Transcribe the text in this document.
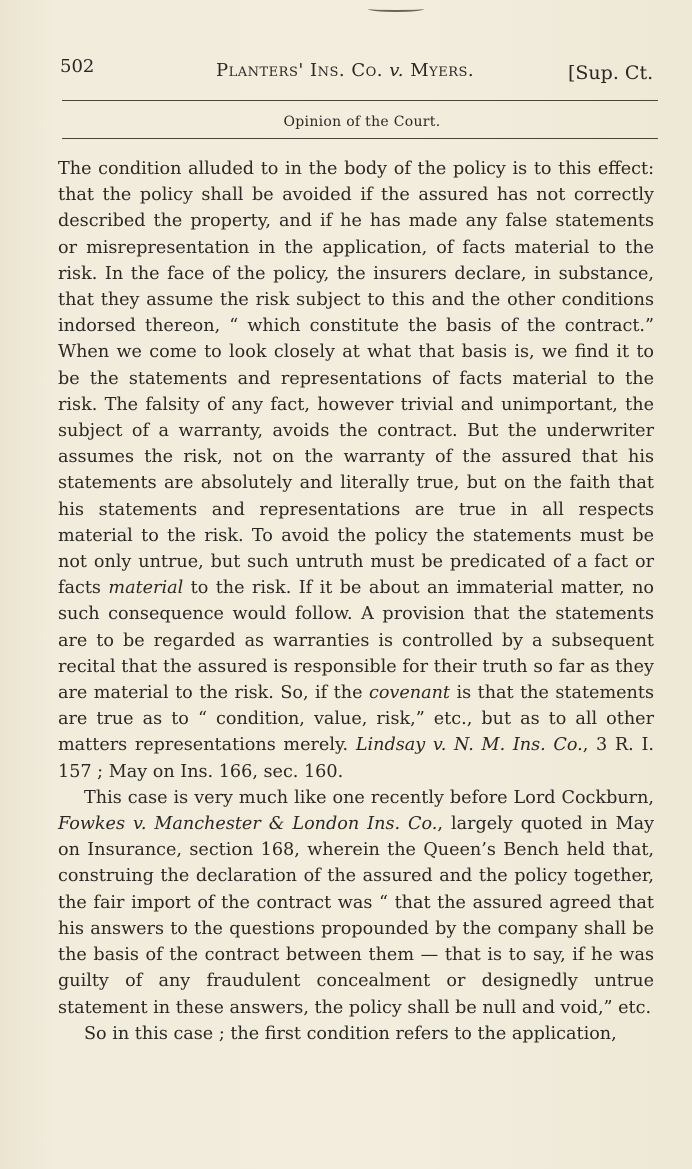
502	Planters' Ins. Co. v. Myers.	[Sup. Ct.
Opinion of the Court.

The condition alluded to in the body of the policy is to this effect: that the policy shall be avoided if the assured has not correctly described the property, and if he has made any false statements or misrepresentation in the application, of facts material to the risk. In the face of the policy, the insurers declare, in substance, that they assume the risk subject to this and the other conditions indorsed thereon, “ which constitute the basis of the contract.” When we come to look closely at what that basis is, we find it to be the statements and representations of facts material to the risk. The falsity of any fact, however trivial and unimportant, the subject of a warranty, avoids the contract. But the underwriter assumes the risk, not on the warranty of the assured that his statements are absolutely and literally true, but on the faith that his statements and representations are true in all respects material to the risk. To avoid the policy the statements must be not only untrue, but such untruth must be predicated of a fact or facts material to the risk. If it be about an immaterial matter, no such consequence would follow. A provision that the statements are to be regarded as warranties is controlled by a subsequent recital that the assured is responsible for their truth so far as they are material to the risk. So, if the covenant is that the statements are true as to “ condition, value, risk,” etc., but as to all other matters representations merely. Lindsay v. N. M. Ins. Co., 3 R. I. 157 ; May on Ins. 166, sec. 160.

This case is very much like one recently before Lord Cockburn, Fowkes v. Manchester & London Ins. Co., largely quoted in May on Insurance, section 168, wherein the Queen’s Bench held that, construing the declaration of the assured and the policy together, the fair import of the contract was “ that the assured agreed that his answers to the questions propounded by the company shall be the basis of the contract between them — that is to say, if he was guilty of any fraudulent concealment or designedly untrue statement in these answers, the policy shall be null and void,” etc.

So in this case ; the first condition refers to the application,
